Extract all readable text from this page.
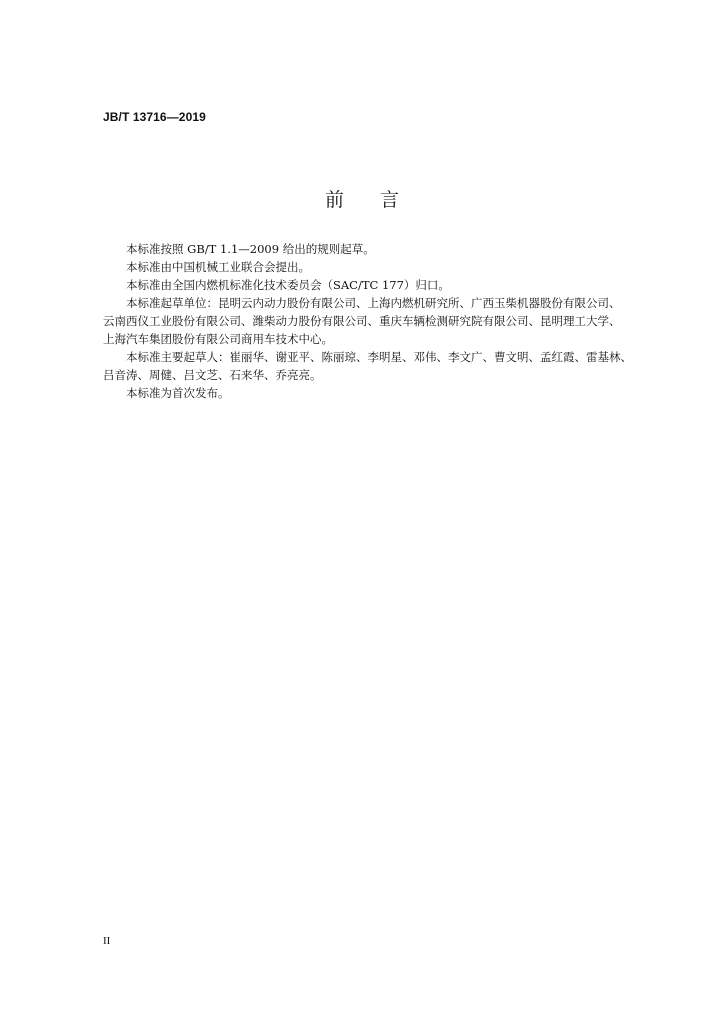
JB/T 13716—2019
前言

本标准按照 GB/T 1.1—2009 给出的规则起草。

本标准由中国机械工业联合会提出。

本标准由全国内燃机标准化技术委员会（SAC/TC 177）归口。

本标准起草单位：昆明云内动力股份有限公司、上海内燃机研究所、广西玉柴机器股份有限公司、
云南西仪工业股份有限公司、潍柴动力股份有限公司、重庆车辆检测研究院有限公司、昆明理工大学、
上海汽车集团股份有限公司商用车技术中心。

本标准主要起草人：崔丽华、谢亚平、陈丽琼、李明星、邓伟、李文广、曹文明、孟红霞、雷基林、
吕音涛、周健、吕文芝、石来华、乔亮亮。

本标准为首次发布。

II
